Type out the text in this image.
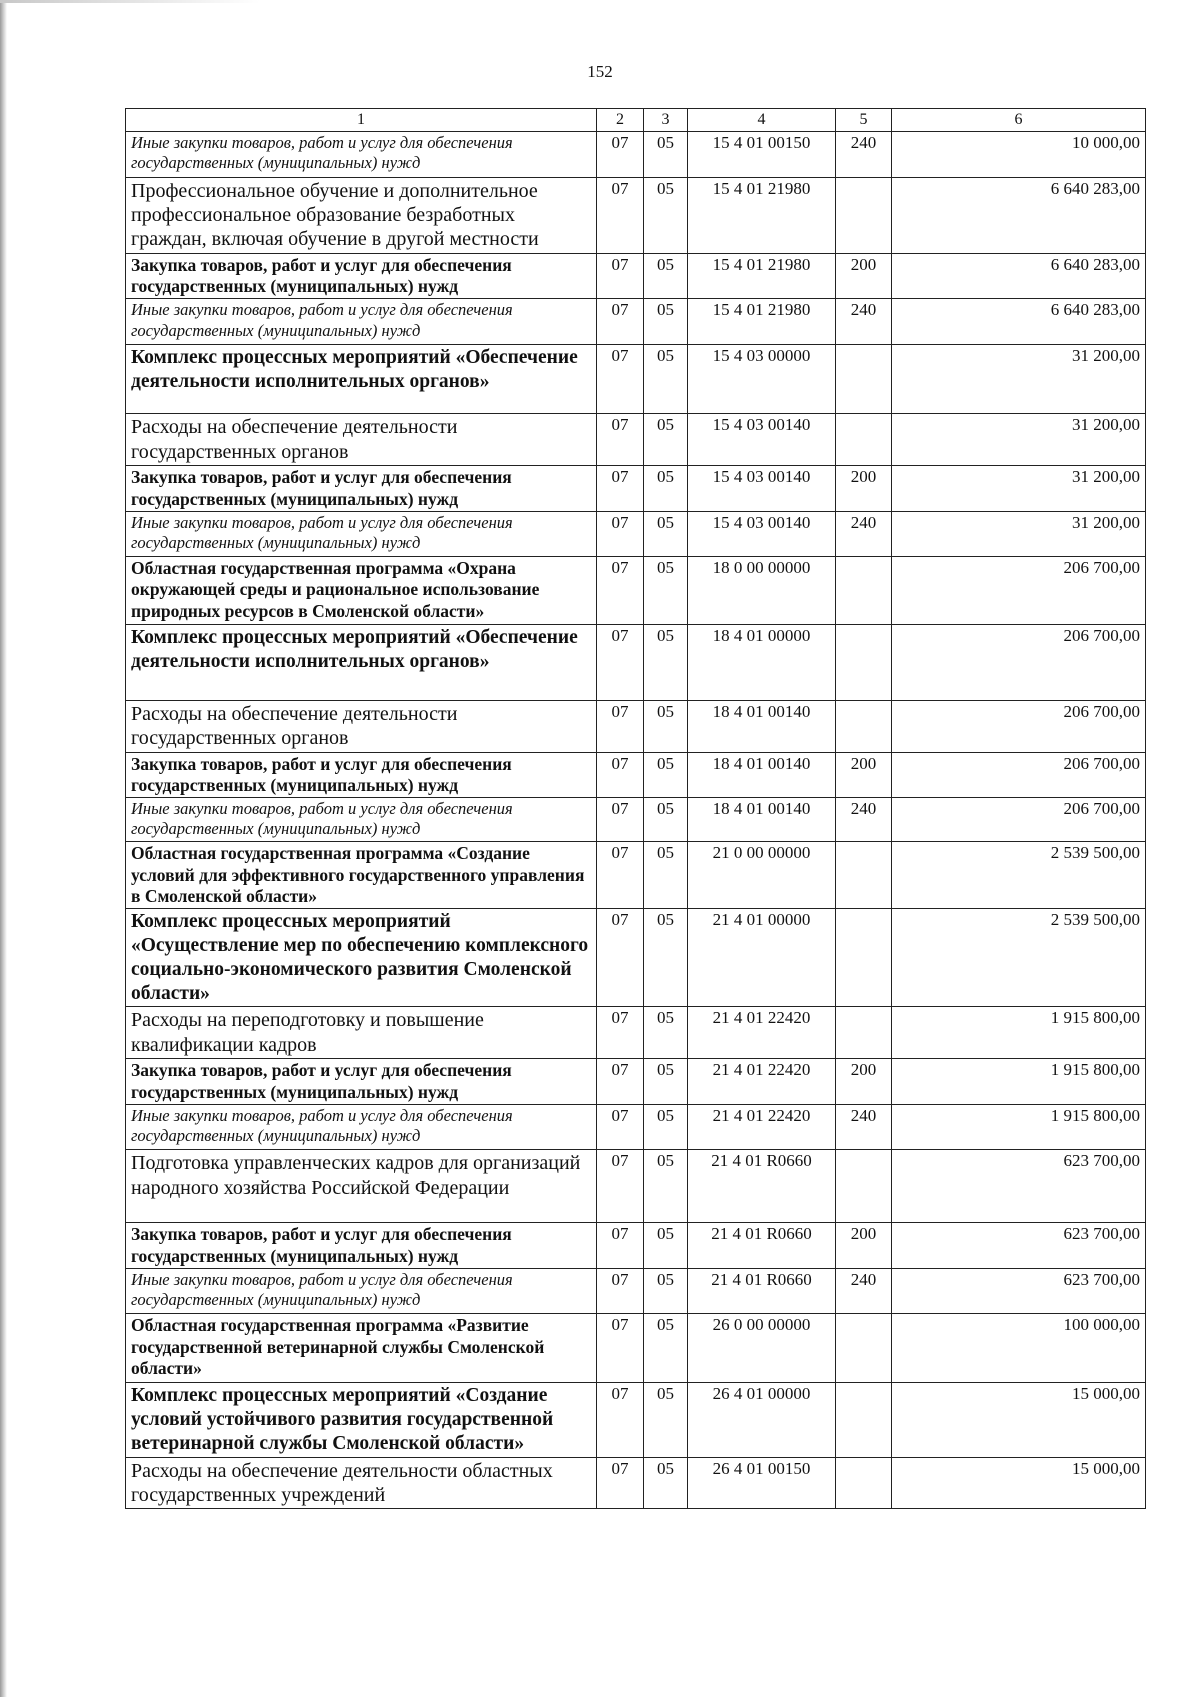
152
1	2	3	4	5	6
Иные закупки товаров, работ и услуг для обеспечения государственных (муниципальных) нужд	07	05	15 4 01 00150	240	10 000,00
Профессиональное обучение и дополнительное профессиональное образование безработных граждан, включая обучение в другой местности	07	05	15 4 01 21980		6 640 283,00
Закупка товаров, работ и услуг для обеспечения государственных (муниципальных) нужд	07	05	15 4 01 21980	200	6 640 283,00
Иные закупки товаров, работ и услуг для обеспечения государственных (муниципальных) нужд	07	05	15 4 01 21980	240	6 640 283,00
Комплекс процессных мероприятий «Обеспечение деятельности исполнительных органов»	07	05	15 4 03 00000		31 200,00
Расходы на обеспечение деятельности государственных органов	07	05	15 4 03 00140		31 200,00
Закупка товаров, работ и услуг для обеспечения государственных (муниципальных) нужд	07	05	15 4 03 00140	200	31 200,00
Иные закупки товаров, работ и услуг для обеспечения государственных (муниципальных) нужд	07	05	15 4 03 00140	240	31 200,00
Областная государственная программа «Охрана окружающей среды и рациональное использование природных ресурсов в Смоленской области»	07	05	18 0 00 00000		206 700,00
Комплекс процессных мероприятий «Обеспечение деятельности исполнительных органов»	07	05	18 4 01 00000		206 700,00
Расходы на обеспечение деятельности государственных органов	07	05	18 4 01 00140		206 700,00
Закупка товаров, работ и услуг для обеспечения государственных (муниципальных) нужд	07	05	18 4 01 00140	200	206 700,00
Иные закупки товаров, работ и услуг для обеспечения государственных (муниципальных) нужд	07	05	18 4 01 00140	240	206 700,00
Областная государственная программа «Создание условий для эффективного государственного управления в Смоленской области»	07	05	21 0 00 00000		2 539 500,00
Комплекс процессных мероприятий «Осуществление мер по обеспечению комплексного социально-экономического развития Смоленской области»	07	05	21 4 01 00000		2 539 500,00
Расходы на переподготовку и повышение квалификации кадров	07	05	21 4 01 22420		1 915 800,00
Закупка товаров, работ и услуг для обеспечения государственных (муниципальных) нужд	07	05	21 4 01 22420	200	1 915 800,00
Иные закупки товаров, работ и услуг для обеспечения государственных (муниципальных) нужд	07	05	21 4 01 22420	240	1 915 800,00
Подготовка управленческих кадров для организаций народного хозяйства Российской Федерации	07	05	21 4 01 R0660		623 700,00
Закупка товаров, работ и услуг для обеспечения государственных (муниципальных) нужд	07	05	21 4 01 R0660	200	623 700,00
Иные закупки товаров, работ и услуг для обеспечения государственных (муниципальных) нужд	07	05	21 4 01 R0660	240	623 700,00
Областная государственная программа «Развитие государственной ветеринарной службы Смоленской области»	07	05	26 0 00 00000		100 000,00
Комплекс процессных мероприятий «Создание условий устойчивого развития государственной ветеринарной службы Смоленской области»	07	05	26 4 01 00000		15 000,00
Расходы на обеспечение деятельности областных государственных учреждений	07	05	26 4 01 00150		15 000,00
